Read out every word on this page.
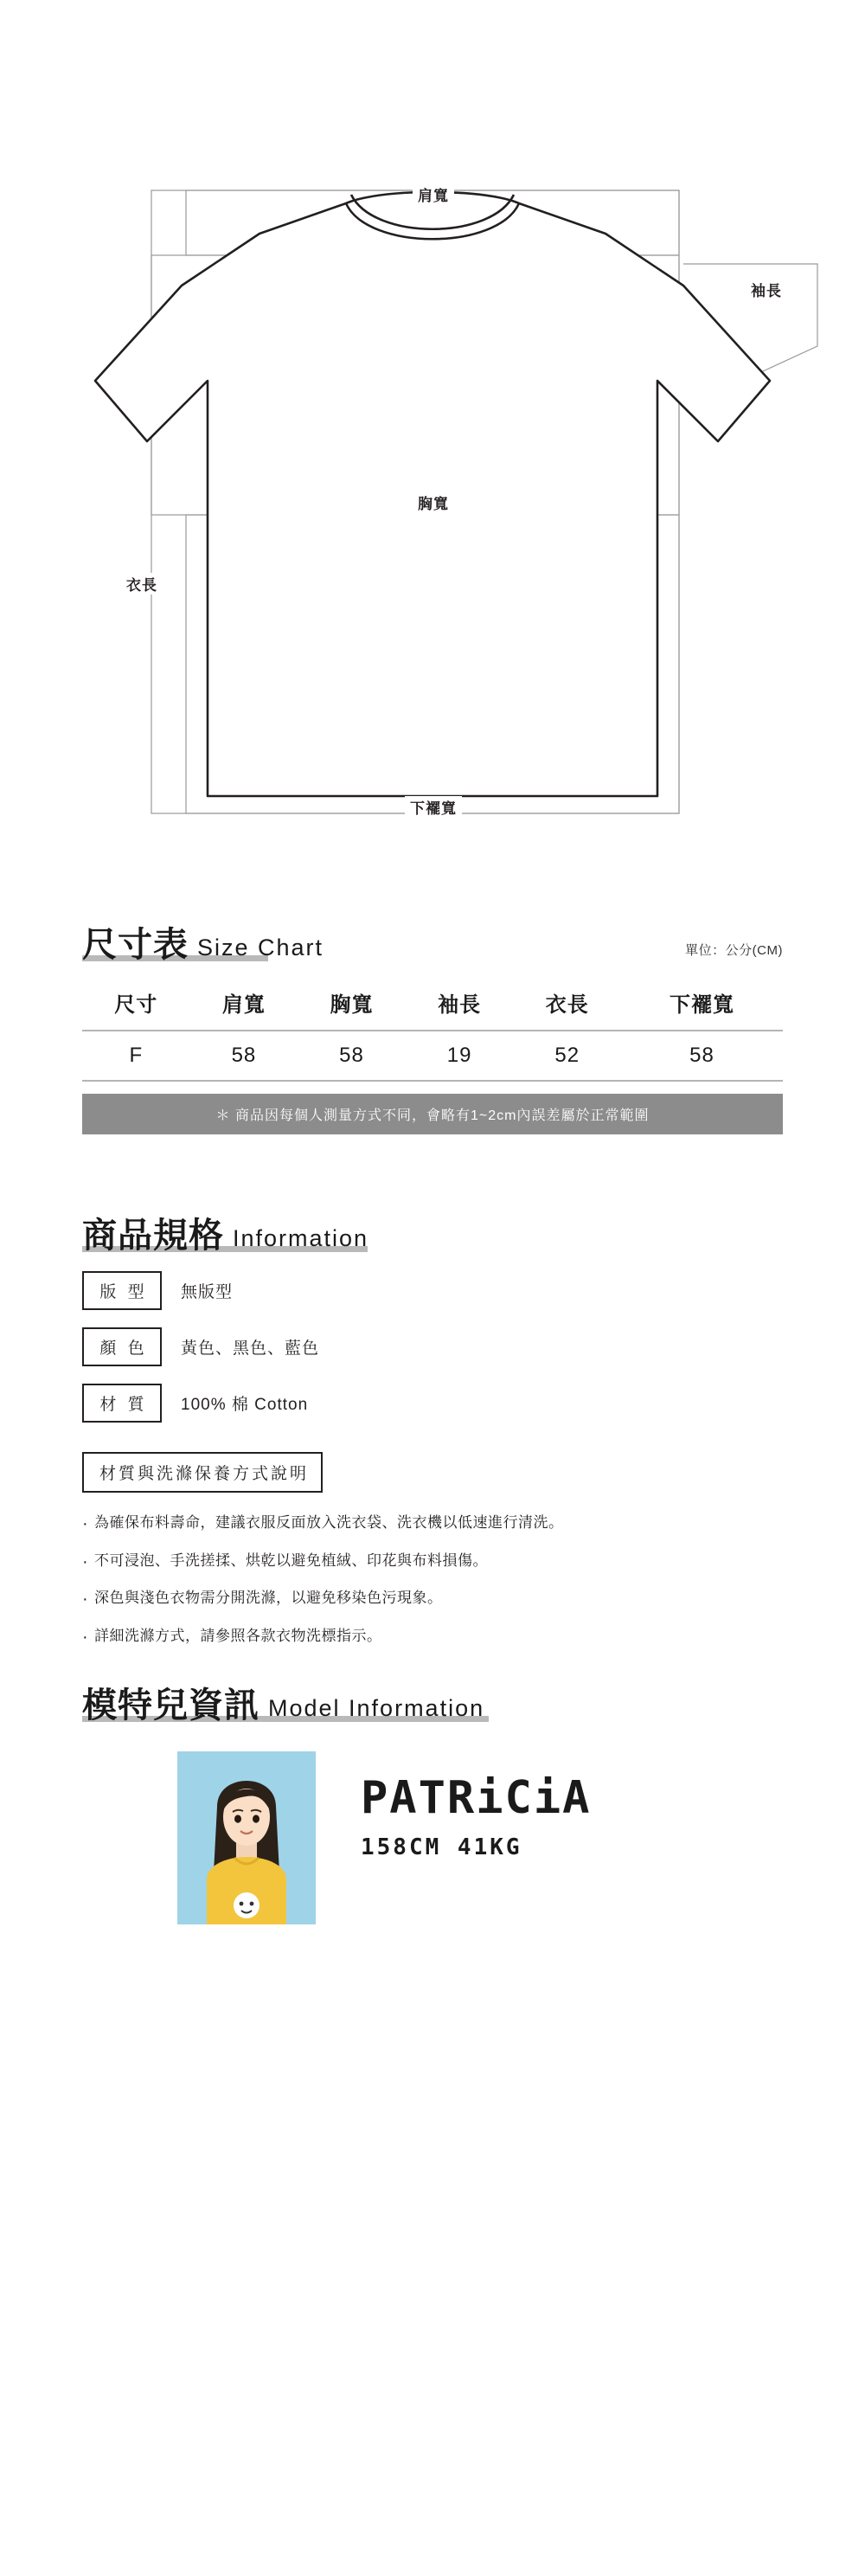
肩寬
袖長
胸寬
衣長
下襬寬
尺寸表 Size Chart	單位：公分(CM)
尺寸	肩寬	胸寬	袖長	衣長	下襬寬
F	58	58	19	52	58
＊ 商品因每個人測量方式不同，會略有1~2cm內誤差屬於正常範圍
商品規格 Information
版 型	無版型
顏 色	黃色、黑色、藍色
材 質	100% 棉 Cotton
材質與洗滌保養方式說明
· 為確保布料壽命，建議衣服反面放入洗衣袋、洗衣機以低速進行清洗。
· 不可浸泡、手洗搓揉、烘乾以避免植絨、印花與布料損傷。
· 深色與淺色衣物需分開洗滌，以避免移染色污現象。
· 詳細洗滌方式，請參照各款衣物洗標指示。
模特兒資訊 Model Information
PATRiCiA
158CM 41KG
